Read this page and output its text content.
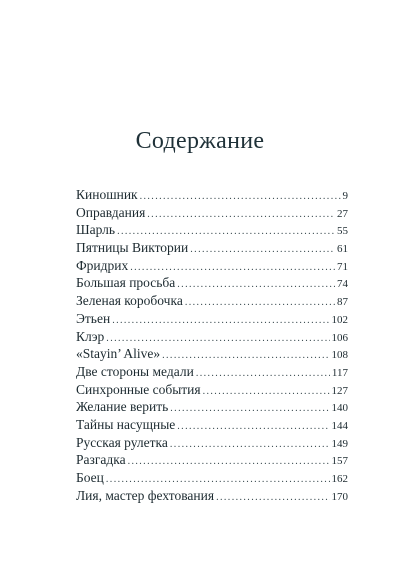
Содержание
Киношник .....	9
Оправдания .....	27
Шарль .....	55
Пятницы Виктории .....	61
Фридрих .....	71
Большая просьба .....	74
Зеленая коробочка .....	87
Этьен .....	102
Клэр .....	106
«Stayin’ Alive» .....	108
Две стороны медали .....	117
Синхронные события .....	127
Желание верить .....	140
Тайны насущные .....	144
Русская рулетка .....	149
Разгадка .....	157
Боец .....	162
Лия, мастер фехтования .....	170
